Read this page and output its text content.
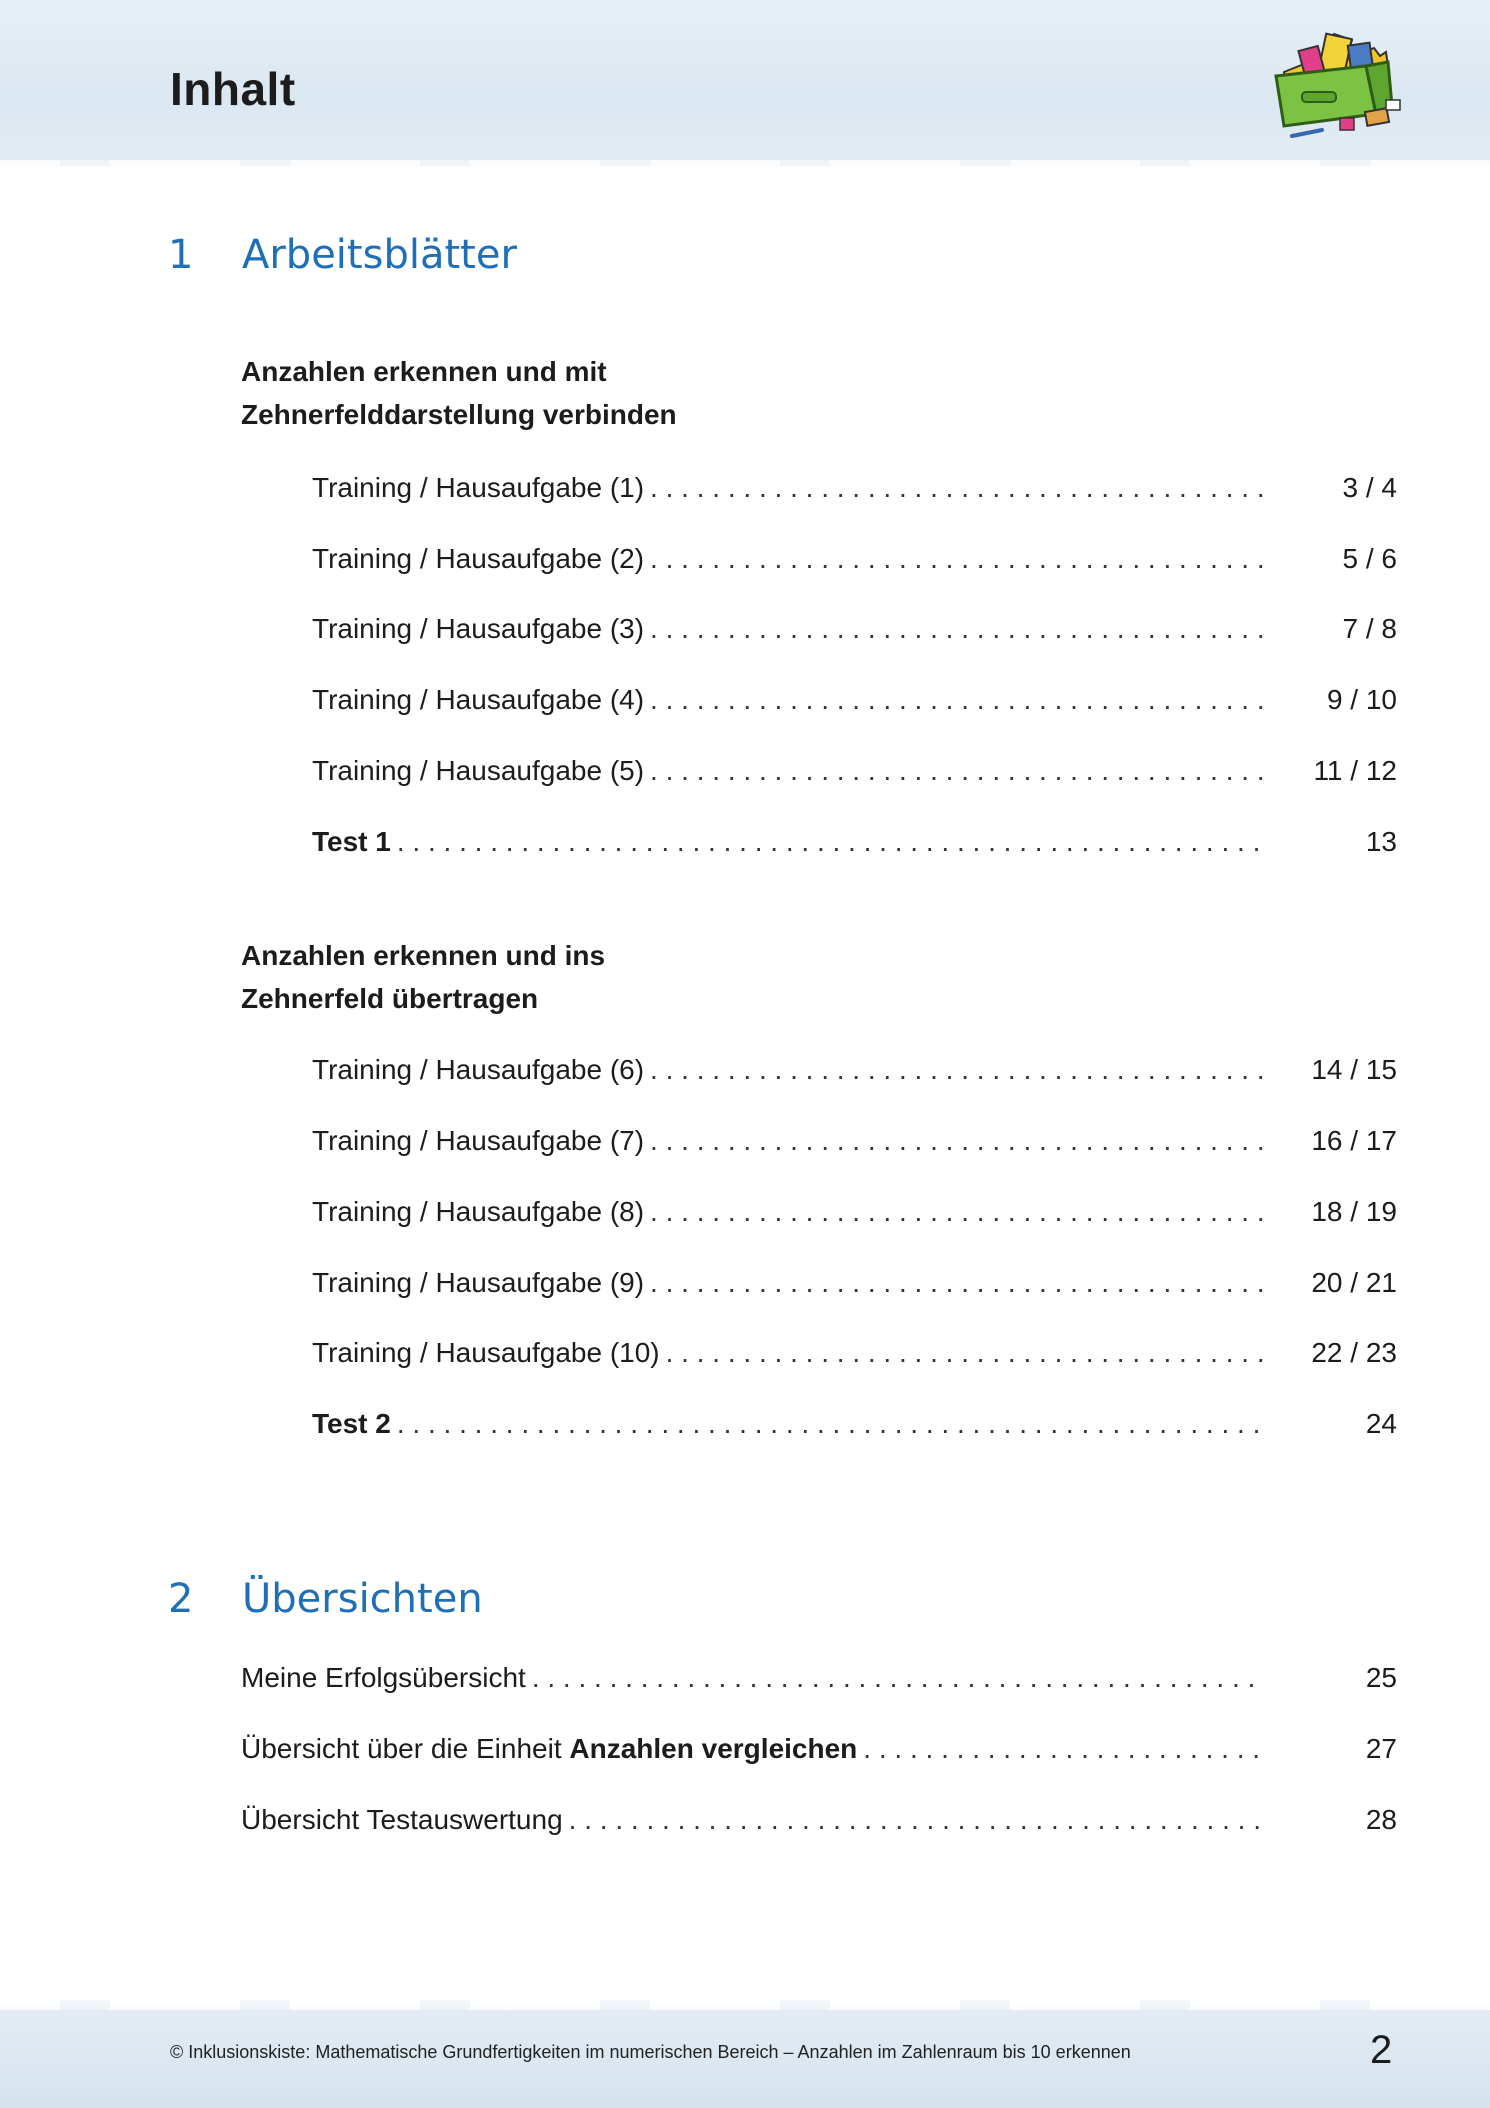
Inhalt
1 Arbeitsblätter
Anzahlen erkennen und mit
Zehnerfelddarstellung verbinden
Training / Hausaufgabe (1) . . .	3 / 4
Training / Hausaufgabe (2) . . .	5 / 6
Training / Hausaufgabe (3) . . .	7 / 8
Training / Hausaufgabe (4) . . .	9 / 10
Training / Hausaufgabe (5) . . .	11 / 12
Test 1 . . .	13
Anzahlen erkennen und ins
Zehnerfeld übertragen
Training / Hausaufgabe (6) . . .	14 / 15
Training / Hausaufgabe (7) . . .	16 / 17
Training / Hausaufgabe (8) . . .	18 / 19
Training / Hausaufgabe (9) . . .	20 / 21
Training / Hausaufgabe (10) . . .	22 / 23
Test 2 . . .	24
2 Übersichten
Meine Erfolgsübersicht . . .	25
Übersicht über die Einheit Anzahlen vergleichen . . .	27
Übersicht Testauswertung . . .	28
© Inklusionskiste: Mathematische Grundfertigkeiten im numerischen Bereich – Anzahlen im Zahlenraum bis 10 erkennen	2
